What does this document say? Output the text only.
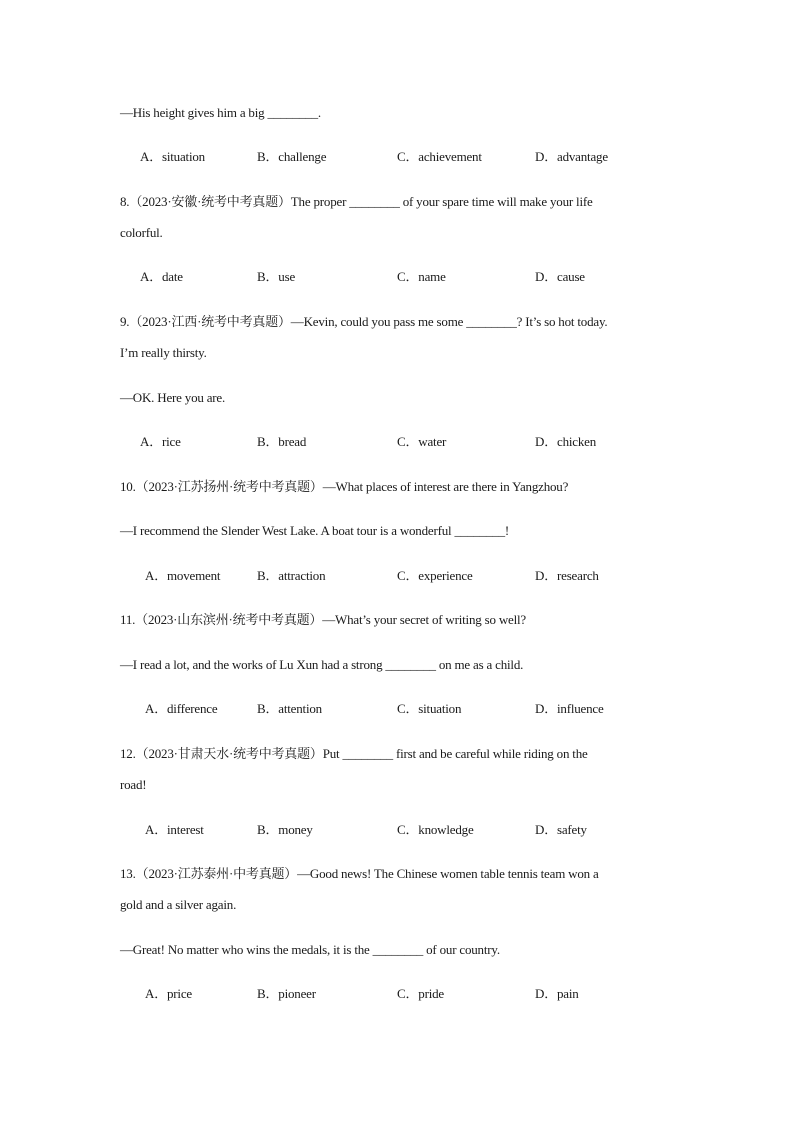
—His height gives him a big ________.
A．situation	B．challenge	C．achievement	D．advantage
8.（2023·安徽·统考中考真题）The proper ________ of your spare time will make your life
colorful.
A．date	B．use	C．name	D．cause
9.（2023·江西·统考中考真题）—Kevin, could you pass me some ________? It’s so hot today.
I’m really thirsty.
—OK. Here you are.
A．rice	B．bread	C．water	D．chicken
10.（2023·江苏扬州·统考中考真题）—What places of interest are there in Yangzhou?
—I recommend the Slender West Lake. A boat tour is a wonderful ________!
A．movement	B．attraction	C．experience	D．research
11.（2023·山东滨州·统考中考真题）—What’s your secret of writing so well?
—I read a lot, and the works of Lu Xun had a strong ________ on me as a child.
A．difference	B．attention	C．situation	D．influence
12.（2023·甘肃天水·统考中考真题）Put ________ first and be careful while riding on the
road!
A．interest	B．money	C．knowledge	D．safety
13.（2023·江苏泰州·中考真题）—Good news! The Chinese women table tennis team won a
gold and a silver again.
—Great! No matter who wins the medals, it is the ________ of our country.
A．price	B．pioneer	C．pride	D．pain
